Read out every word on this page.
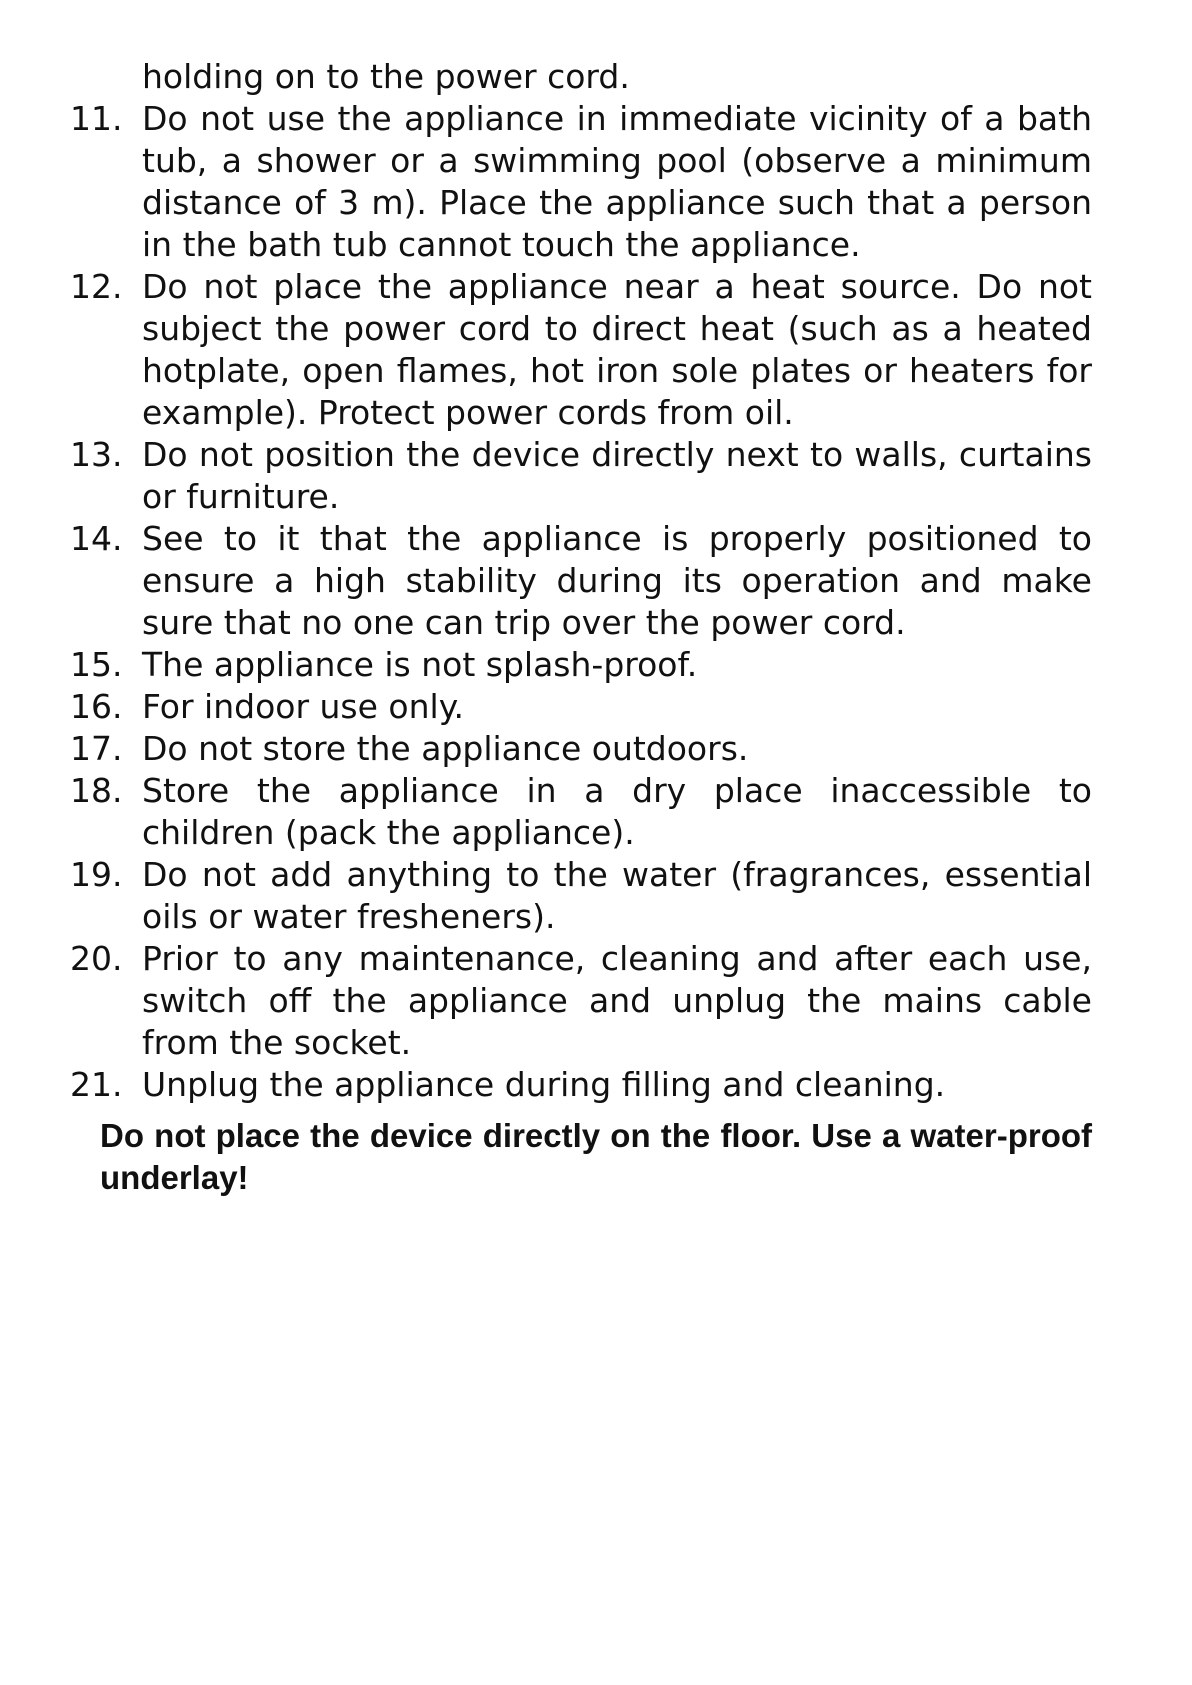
holding on to the power cord.
11. Do not use the appliance in immediate vicinity of a bath tub, a shower or a swimming pool (observe a minimum distance of 3 m). Place the appliance such that a person in the bath tub cannot touch the appliance.
12. Do not place the appliance near a heat source. Do not subject the power cord to direct heat (such as a heated hotplate, open flames, hot iron sole plates or heaters for example). Protect power cords from oil.
13. Do not position the device directly next to walls, curtains or furniture.
14. See to it that the appliance is properly positioned to ensure a high stability during its operation and make sure that no one can trip over the power cord.
15. The appliance is not splash-proof.
16. For indoor use only.
17. Do not store the appliance outdoors.
18. Store the appliance in a dry place inaccessible to children (pack the appliance).
19. Do not add anything to the water (fragrances, essential oils or water fresheners).
20. Prior to any maintenance, cleaning and after each use, switch off the appliance and unplug the mains cable from the socket.
21. Unplug the appliance during filling and cleaning.
Do not place the device directly on the floor. Use a water-proof underlay!
